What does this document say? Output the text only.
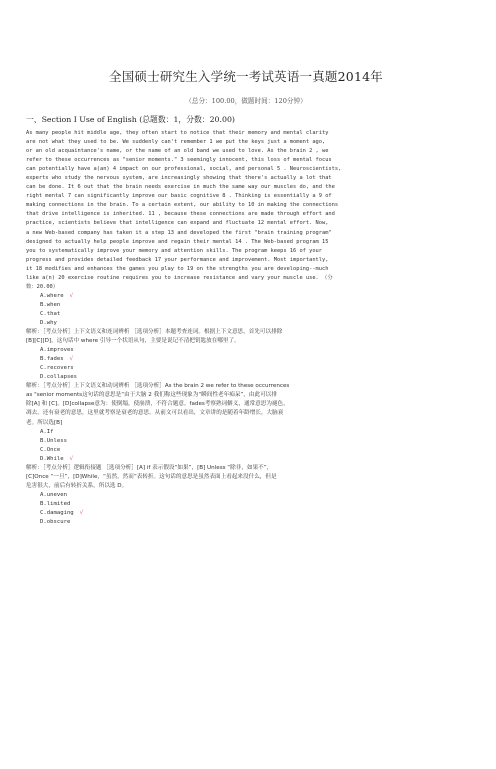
全国硕士研究生入学统一考试英语一真题2014年
（总分：100.00，做题时间：120分钟）
一、Section Ⅰ Use of English (总题数：1，分数：20.00)
As many people hit middle age, they often start to notice that their memory and mental clarity
are not what they used to be. We suddenly can't remember 1 we put the keys just a moment ago,
or an old acquaintance's name, or the name of an old band we used to love. As the brain 2 , we
refer to these occurrences as "senior moments." 3 seemingly innocent, this loss of mental focus
can potentially have a(an) 4 impact on our professional, social, and personal 5 . Neuroscientists,
experts who study the nervous system, are increasingly showing that there's actually a lot that
can be done. It 6 out that the brain needs exercise in much the same way our muscles do, and the
right mental 7 can significantly improve our basic cognitive 8 . Thinking is essentially a 9 of
making connections in the brain. To a certain extent, our ability to 10 in making the connections
that drive intelligence is inherited. 11 , because these connections are made through effort and
practice, scientists believe that intelligence can expand and fluctuate 12 mental effort. Now,
a new Web-based company has taken it a step 13 and developed the first "brain training program"
designed to actually help people improve and regain their mental 14 . The Web-based program 15
you to systematically improve your memory and attention skills. The program keeps 16 of your
progress and provides detailed feedback 17 your performance and improvement. Most importantly,
it 18 modifies and enhances the games you play to 19 on the strengths you are developing--much
like a(n) 20 exercise routine requires you to increase resistance and vary your muscle use. （分
数：20.00）
A.where √
B.when
C.that
D.why
解析：［考点分析］上下文语义和连词辨析 ［选项分析］本题考查连词。根据上下文意思，首先可以排除
[B][C][D]，这句话中 where 引导一个状语从句，主要是说记不清把钥匙放在哪里了。
A.improves
B.fades √
C.recovers
D.collapses
解析：［考点分析］上下文语义和动词辨析 ［选项分析］As the brain 2 we refer to these occurrences
as "senior moments这句话的意思是“由于大脑 2 我们称这些现象为“瞬间性老年痴呆”，由此可以排
除[A] 和 [C]。[D]collapse意为：使倒塌，使崩溃，不符合题意。fades考察熟词僻义，通常意思为褪色，
凋去。还有衰老的意思，这里就考察是衰老的意思。从前文可以看出，文章讲的是随着年龄增长，大脑衰
老。所以选[B]
A.If
B.Unless
C.Once
D.While √
解析：［考点分析］逻辑衔接题 ［选项分析］[A] if 表示假设“如果”，[B] Unless “除非，如果不”，
[C]Once “一旦”，[D]While，“虽然，然而”表转折。这句话的意思是虽然表面上看起来没什么，但是
危害很大，前后有转折关系，所以选 D。
A.uneven
B.limited
C.damaging √
D.obscure
